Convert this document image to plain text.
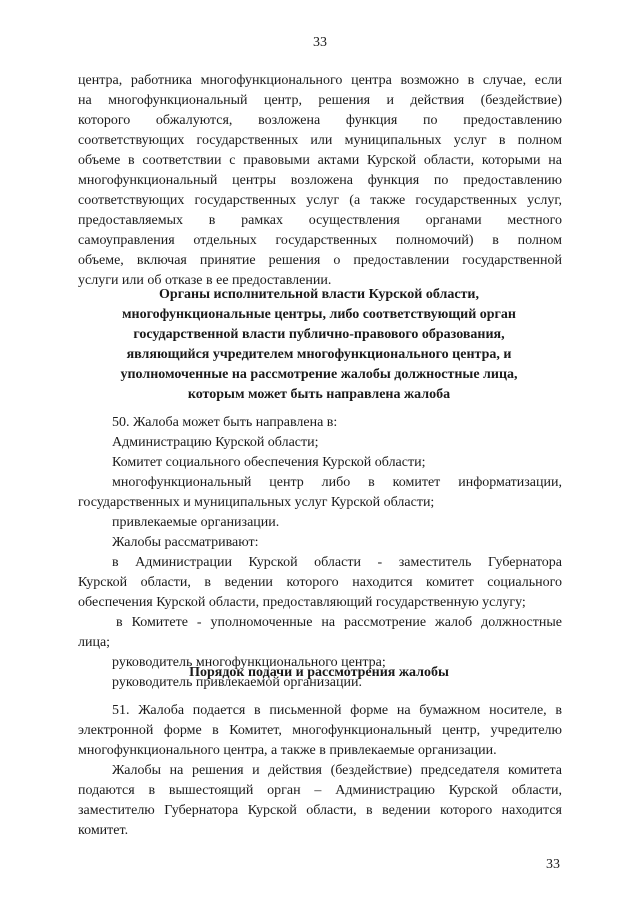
33
центра, работника многофункционального центра возможно в случае, если
на многофункциональный центр, решения и действия (бездействие)
которого обжалуются, возложена функция по предоставлению
соответствующих государственных или муниципальных услуг в полном
объеме в соответствии с правовыми актами Курской области, которыми на
многофункциональный центры возложена функция по предоставлению
соответствующих государственных услуг (а также государственных услуг,
предоставляемых в рамках осуществления органами местного
самоуправления отдельных государственных полномочий) в полном
объеме, включая принятие решения о предоставлении государственной
услуги или об отказе в ее предоставлении.
Органы исполнительной власти Курской области,
многофункциональные центры, либо соответствующий орган
государственной власти публично-правового образования,
являющийся учредителем многофункционального центра, и
уполномоченные на рассмотрение жалобы должностные лица,
которым может быть направлена жалоба
50. Жалоба может быть направлена в:
Администрацию Курской области;
Комитет социального обеспечения Курской области;
многофункциональный центр либо в комитет информатизации,
государственных и муниципальных услуг Курской области;
привлекаемые организации.
Жалобы рассматривают:
в Администрации Курской области - заместитель Губернатора
Курской области, в ведении которого находится комитет социального
обеспечения Курской области, предоставляющий государственную услугу;
в Комитете - уполномоченные на рассмотрение жалоб должностные
лица;
руководитель многофункционального центра;
руководитель привлекаемой организации.
Порядок подачи и рассмотрения жалобы
51. Жалоба подается в письменной форме на бумажном носителе, в
электронной форме в Комитет, многофункциональный центр, учредителю
многофункционального центра, а также в привлекаемые организации.
Жалобы на решения и действия (бездействие) председателя комитета
подаются в вышестоящий орган – Администрацию Курской области,
заместителю Губернатора Курской области, в ведении которого находится
комитет.
33
